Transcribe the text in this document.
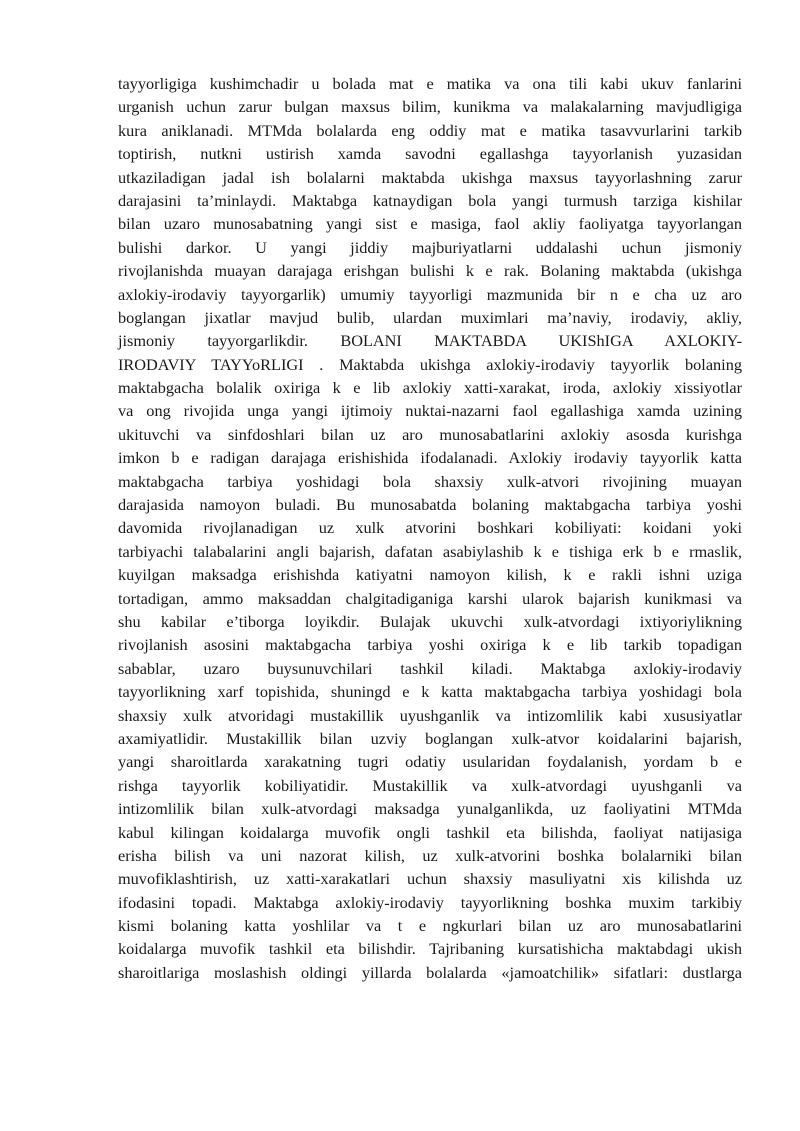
tayyorligiga kushimchadir u bolada mat e matika va ona tili kabi ukuv fanlarini
urganish uchun zarur bulgan maxsus bilim, kunikma va malakalarning mavjudligiga
kura aniklanadi. MTMda bolalarda eng oddiy mat e matika tasavvurlarini tarkib
toptirish, nutkni ustirish xamda savodni egallashga tayyorlanish yuzasidan
utkaziladigan jadal ish bolalarni maktabda ukishga maxsus tayyorlashning zarur
darajasini ta’minlaydi. Maktabga katnaydigan bola yangi turmush tarziga kishilar
bilan uzaro munosabatning yangi sist e masiga, faol akliy faoliyatga tayyorlangan
bulishi darkor. U yangi jiddiy majburiyatlarni uddalashi uchun jismoniy
rivojlanishda muayan darajaga erishgan bulishi k e rak. Bolaning maktabda (ukishga
axlokiy-irodaviy tayyorgarlik) umumiy tayyorligi mazmunida bir n e cha uz aro
boglangan jixatlar mavjud bulib, ulardan muximlari ma’naviy, irodaviy, akliy,
jismoniy tayyorgarlikdir. BOLANI MAKTABDA UKIShIGA AXLOKIY-
IRODAVIY TAYYoRLIGI . Maktabda ukishga axlokiy-irodaviy tayyorlik bolaning
maktabgacha bolalik oxiriga k e lib axlokiy xatti-xarakat, iroda, axlokiy xissiyotlar
va ong rivojida unga yangi ijtimoiy nuktai-nazarni faol egallashiga xamda uzining
ukituvchi va sinfdoshlari bilan uz aro munosabatlarini axlokiy asosda kurishga
imkon b e radigan darajaga erishishida ifodalanadi. Axlokiy irodaviy tayyorlik katta
maktabgacha tarbiya yoshidagi bola shaxsiy xulk-atvori rivojining muayan
darajasida namoyon buladi. Bu munosabatda bolaning maktabgacha tarbiya yoshi
davomida rivojlanadigan uz xulk atvorini boshkari kobiliyati: koidani yoki
tarbiyachi talabalarini angli bajarish, dafatan asabiylashib k e tishiga erk b e rmaslik,
kuyilgan maksadga erishishda katiyatni namoyon kilish, k e rakli ishni uziga
tortadigan, ammo maksaddan chalgitadiganiga karshi ularok bajarish kunikmasi va
shu kabilar e’tiborga loyikdir. Bulajak ukuvchi xulk-atvordagi ixtiyoriylikning
rivojlanish asosini maktabgacha tarbiya yoshi oxiriga k e lib tarkib topadigan
sabablar, uzaro buysunuvchilari tashkil kiladi. Maktabga axlokiy-irodaviy
tayyorlikning xarf topishida, shuningd e k katta maktabgacha tarbiya yoshidagi bola
shaxsiy xulk atvoridagi mustakillik uyushganlik va intizomlilik kabi xususiyatlar
axamiyatlidir. Mustakillik bilan uzviy boglangan xulk-atvor koidalarini bajarish,
yangi sharoitlarda xarakatning tugri odatiy usularidan foydalanish, yordam b e
rishga tayyorlik kobiliyatidir. Mustakillik va xulk-atvordagi uyushganli va
intizomlilik bilan xulk-atvordagi maksadga yunalganlikda, uz faoliyatini MTMda
kabul kilingan koidalarga muvofik ongli tashkil eta bilishda, faoliyat natijasiga
erisha bilish va uni nazorat kilish, uz xulk-atvorini boshka bolalarniki bilan
muvofiklashtirish, uz xatti-xarakatlari uchun shaxsiy masuliyatni xis kilishda uz
ifodasini topadi. Maktabga axlokiy-irodaviy tayyorlikning boshka muxim tarkibiy
kismi bolaning katta yoshlilar va t e ngkurlari bilan uz aro munosabatlarini
koidalarga muvofik tashkil eta bilishdir. Tajribaning kursatishicha maktabdagi ukish
sharoitlariga moslashish oldingi yillarda bolalarda «jamoatchilik» sifatlari: dustlarga
